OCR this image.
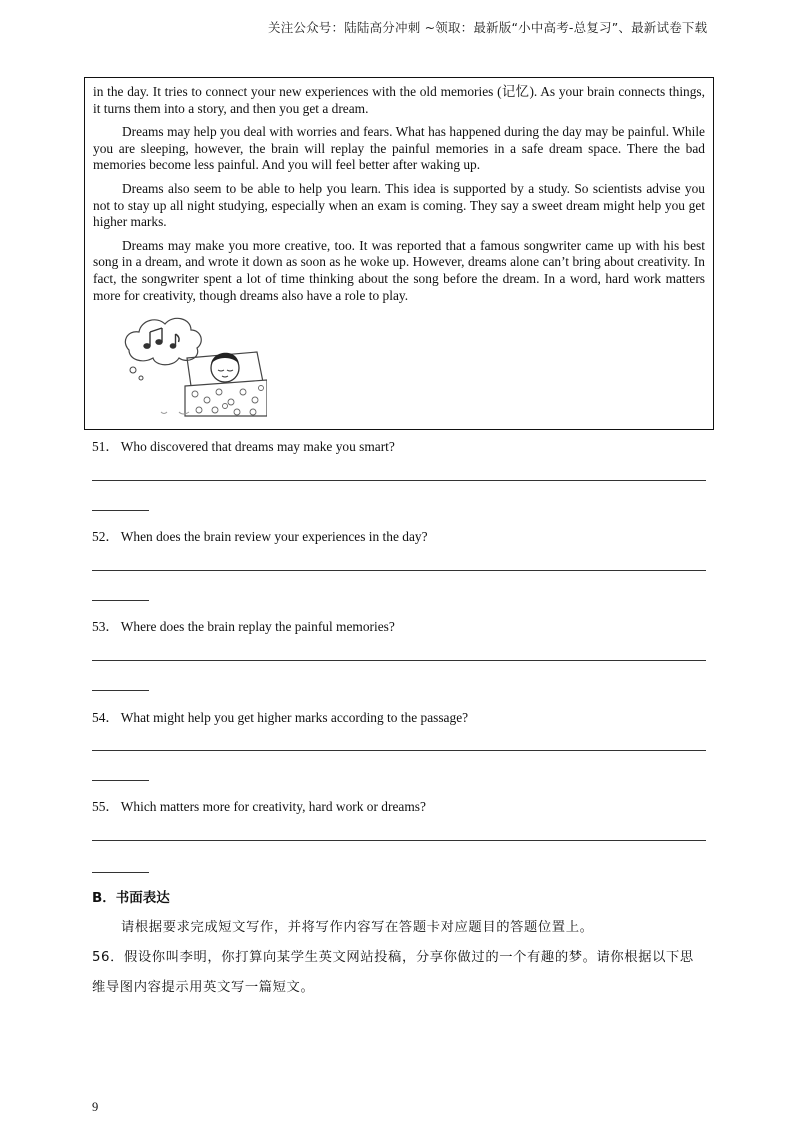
关注公众号：陆陆高分冲刺 ~领取：最新版“小中高考-总复习”、最新试卷下载

in the day. It tries to connect your new experiences with the old memories (记忆). As your brain connects things, it turns them into a story, and then you get a dream.

Dreams may help you deal with worries and fears. What has happened during the day may be painful. While you are sleeping, however, the brain will replay the painful memories in a safe dream space. There the bad memories become less painful. And you will feel better after waking up.

Dreams also seem to be able to help you learn. This idea is supported by a study. So scientists advise you not to stay up all night studying, especially when an exam is coming. They say a sweet dream might help you get higher marks.

Dreams may make you more creative, too. It was reported that a famous songwriter came up with his best song in a dream, and wrote it down as soon as he woke up. However, dreams alone can’t bring about creativity. In fact, the songwriter spent a lot of time thinking about the song before the dream. In a word, hard work matters more for creativity, though dreams also have a role to play.

51． Who discovered that dreams may make you smart?
52． When does the brain review your experiences in the day?
53． Where does the brain replay the painful memories?
54． What might help you get higher marks according to the passage?
55． Which matters more for creativity, hard work or dreams?
B．书面表达
请根据要求完成短文写作，并将写作内容写在答题卡对应题目的答题位置上。
56．假设你叫李明，你打算向某学生英文网站投稿，分享你做过的一个有趣的梦。请你根据以下思
维导图内容提示用英文写一篇短文。
9
